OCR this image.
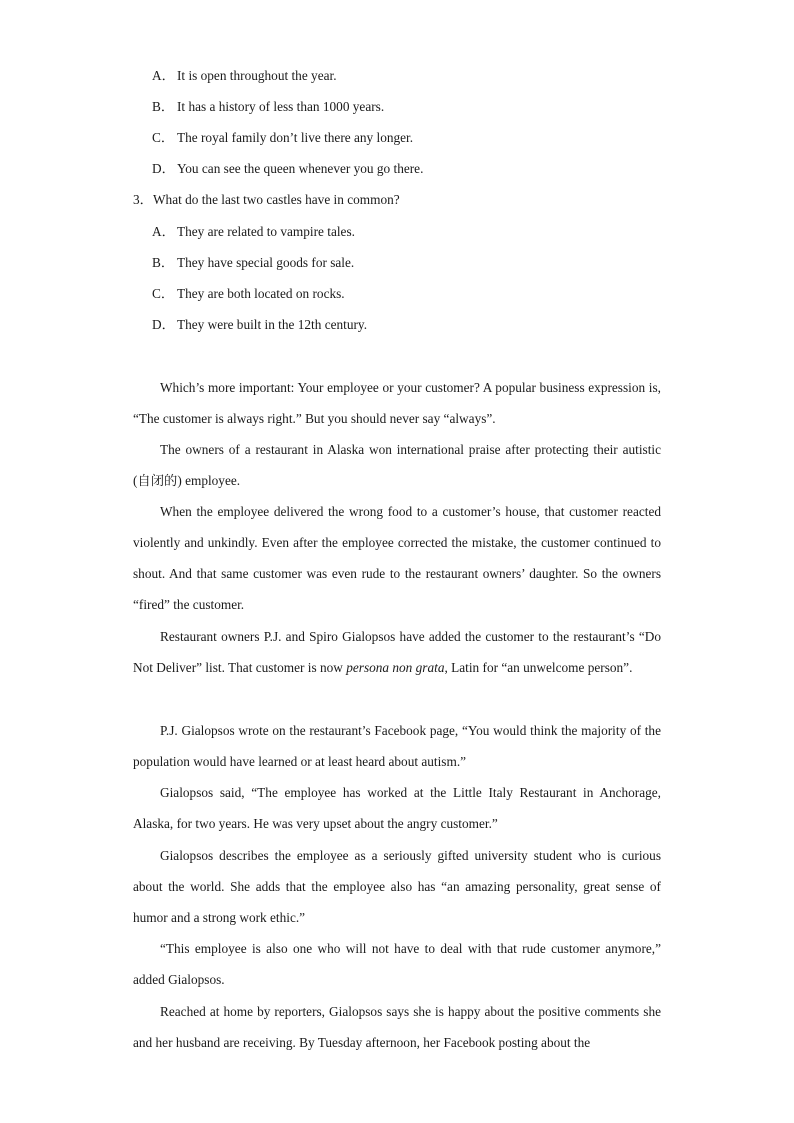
A． It is open throughout the year.

B． It has a history of less than 1000 years.

C． The royal family don’t live there any longer.

D． You can see the queen whenever you go there.

3．What do the last two castles have in common?

A． They are related to vampire tales.

B． They have special goods for sale.

C． They are both located on rocks.

D． They were built in the 12th century.

Which’s more important: Your employee or your customer? A popular business expression is, “The customer is always right.” But you should never say “always”.

The owners of a restaurant in Alaska won international praise after protecting their autistic (自闭的) employee.

When the employee delivered the wrong food to a customer’s house, that customer reacted violently and unkindly. Even after the employee corrected the mistake, the customer continued to shout. And that same customer was even rude to the restaurant owners’ daughter. So the owners “fired” the customer.

Restaurant owners P.J. and Spiro Gialopsos have added the customer to the restaurant’s “Do Not Deliver” list. That customer is now persona non grata, Latin for “an unwelcome person”.

P.J. Gialopsos wrote on the restaurant’s Facebook page, “You would think the majority of the population would have learned or at least heard about autism.”

Gialopsos said, “The employee has worked at the Little Italy Restaurant in Anchorage, Alaska, for two years. He was very upset about the angry customer.”

Gialopsos describes the employee as a seriously gifted university student who is curious about the world. She adds that the employee also has “an amazing personality, great sense of humor and a strong work ethic.”

“This employee is also one who will not have to deal with that rude customer anymore,” added Gialopsos.

Reached at home by reporters, Gialopsos says she is happy about the positive comments she and her husband are receiving. By Tuesday afternoon, her Facebook posting about the
